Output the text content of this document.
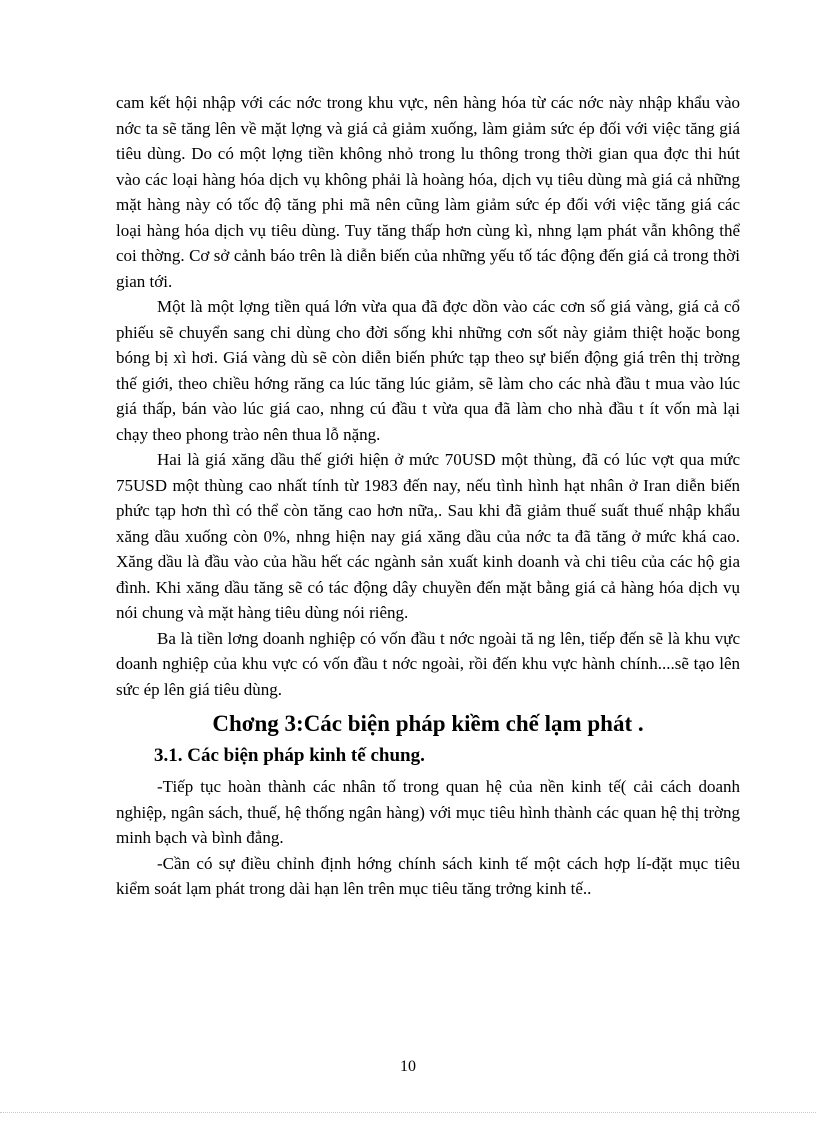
cam kết hội nhập với các nớc trong khu vực, nên hàng hóa từ các nớc này nhập khẩu vào nớc ta sẽ tăng lên về mặt lợng và giá cả giảm xuống, làm giảm sức ép đối với việc tăng giá tiêu dùng. Do có một lợng tiền không nhỏ trong lu thông trong thời gian qua đợc thi hút vào các loại hàng hóa dịch vụ không phải là hoàng hóa, dịch vụ tiêu dùng mà giá cả những mặt hàng này có tốc độ tăng phi mã nên cũng làm giảm sức ép đối với việc tăng giá các loại hàng hóa dịch vụ tiêu dùng. Tuy tăng thấp hơn cùng kì, nhng lạm phát vẫn không thể coi thờng. Cơ sở cảnh báo trên là diễn biến của những yếu tố tác động đến giá cả trong thời gian tới.

Một là một lợng tiền quá lớn vừa qua đã đợc dồn vào các cơn số giá vàng, giá cả cổ phiếu sẽ chuyển sang chi dùng cho đời sống khi những cơn sốt này giảm thiệt hoặc bong bóng bị xì hơi. Giá vàng dù sẽ còn diễn biến phức tạp theo sự biến động giá trên thị trờng thế giới, theo chiều hớng răng ca lúc tăng lúc giảm, sẽ làm cho các nhà đầu t mua vào lúc giá thấp, bán vào lúc giá cao, nhng cú đầu t vừa qua đã làm cho nhà đầu t ít vốn mà lại chạy theo phong trào nên thua lỗ nặng.

Hai là giá xăng dầu thế giới hiện ở mức 70USD một thùng, đã có lúc vợt qua mức 75USD một thùng cao nhất tính từ 1983 đến nay, nếu tình hình hạt nhân ở Iran diễn biến phức tạp hơn thì có thể còn tăng cao hơn nữa,. Sau khi đã giảm thuế suất thuế nhập khẩu xăng dầu xuống còn 0%, nhng hiện nay giá xăng dầu của nớc ta đã tăng ở mức khá cao. Xăng dầu là đầu vào của hầu hết các ngành sản xuất kinh doanh và chi tiêu của các hộ gia đình. Khi xăng dầu tăng sẽ có tác động dây chuyền đến mặt bằng giá cả hàng hóa dịch vụ nói chung và mặt hàng tiêu dùng nói riêng.

Ba là tiền lơng doanh nghiệp có vốn đầu t nớc ngoài tă ng lên, tiếp đến sẽ là khu vực doanh nghiệp của khu vực có vốn đầu t nớc ngoài, rồi đến khu vực hành chính....sẽ tạo lên sức ép lên giá tiêu dùng.

Chơng 3:Các biện pháp kiềm chế lạm phát .

3.1. Các biện pháp kinh tế chung.

-Tiếp tục hoàn thành các nhân tố trong quan hệ của nền kinh tế( cải cách doanh nghiệp, ngân sách, thuế, hệ thống ngân hàng) với mục tiêu hình thành các quan hệ thị trờng minh bạch và bình đẳng.

-Cần có sự điều chỉnh định hớng chính sách kinh tế một cách hợp lí-đặt mục tiêu kiểm soát lạm phát trong dài hạn lên trên mục tiêu tăng trởng kinh tế..

10
